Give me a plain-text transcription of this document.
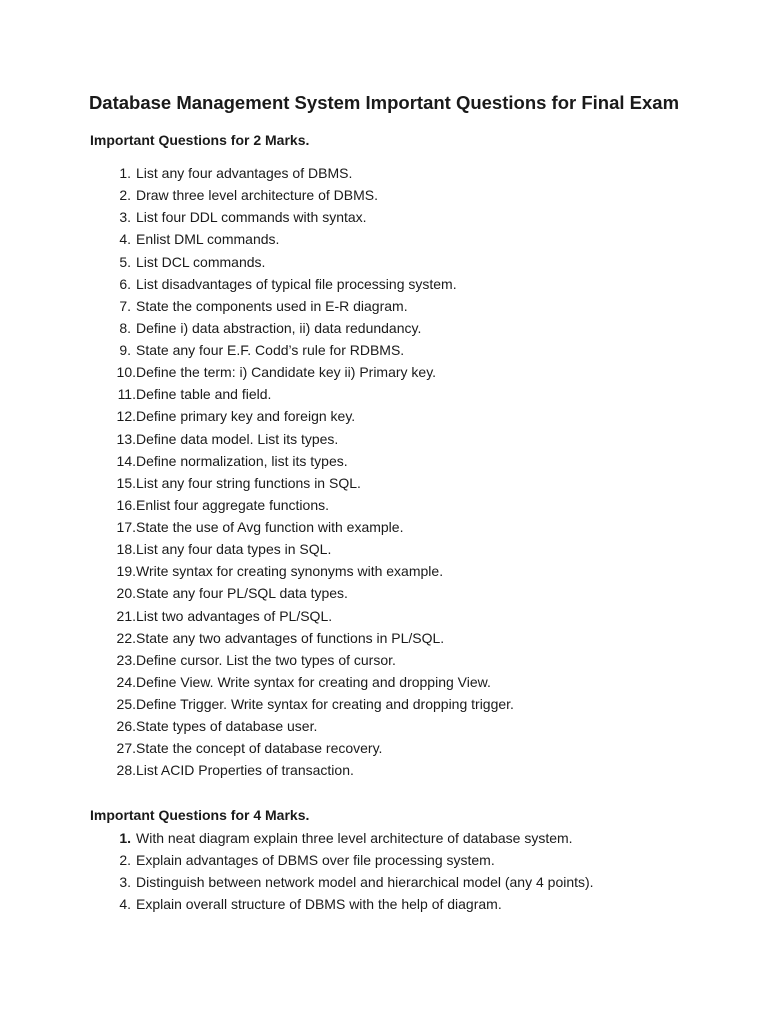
Database Management System Important Questions for Final Exam
Important Questions for 2 Marks.
1. List any four advantages of DBMS.
2. Draw three level architecture of DBMS.
3. List four DDL commands with syntax.
4. Enlist DML commands.
5. List DCL commands.
6. List disadvantages of typical file processing system.
7. State the components used in E-R diagram.
8. Define i) data abstraction, ii) data redundancy.
9. State any four E.F. Codd’s rule for RDBMS.
10. Define the term: i) Candidate key ii) Primary key.
11. Define table and field.
12. Define primary key and foreign key.
13. Define data model. List its types.
14. Define normalization, list its types.
15. List any four string functions in SQL.
16. Enlist four aggregate functions.
17. State the use of Avg function with example.
18. List any four data types in SQL.
19. Write syntax for creating synonyms with example.
20. State any four PL/SQL data types.
21. List two advantages of PL/SQL.
22. State any two advantages of functions in PL/SQL.
23. Define cursor. List the two types of cursor.
24. Define View. Write syntax for creating and dropping View.
25. Define Trigger. Write syntax for creating and dropping trigger.
26. State types of database user.
27. State the concept of database recovery.
28. List ACID Properties of transaction.
Important Questions for 4 Marks.
1. With neat diagram explain three level architecture of database system.
2. Explain advantages of DBMS over file processing system.
3. Distinguish between network model and hierarchical model (any 4 points).
4. Explain overall structure of DBMS with the help of diagram.
